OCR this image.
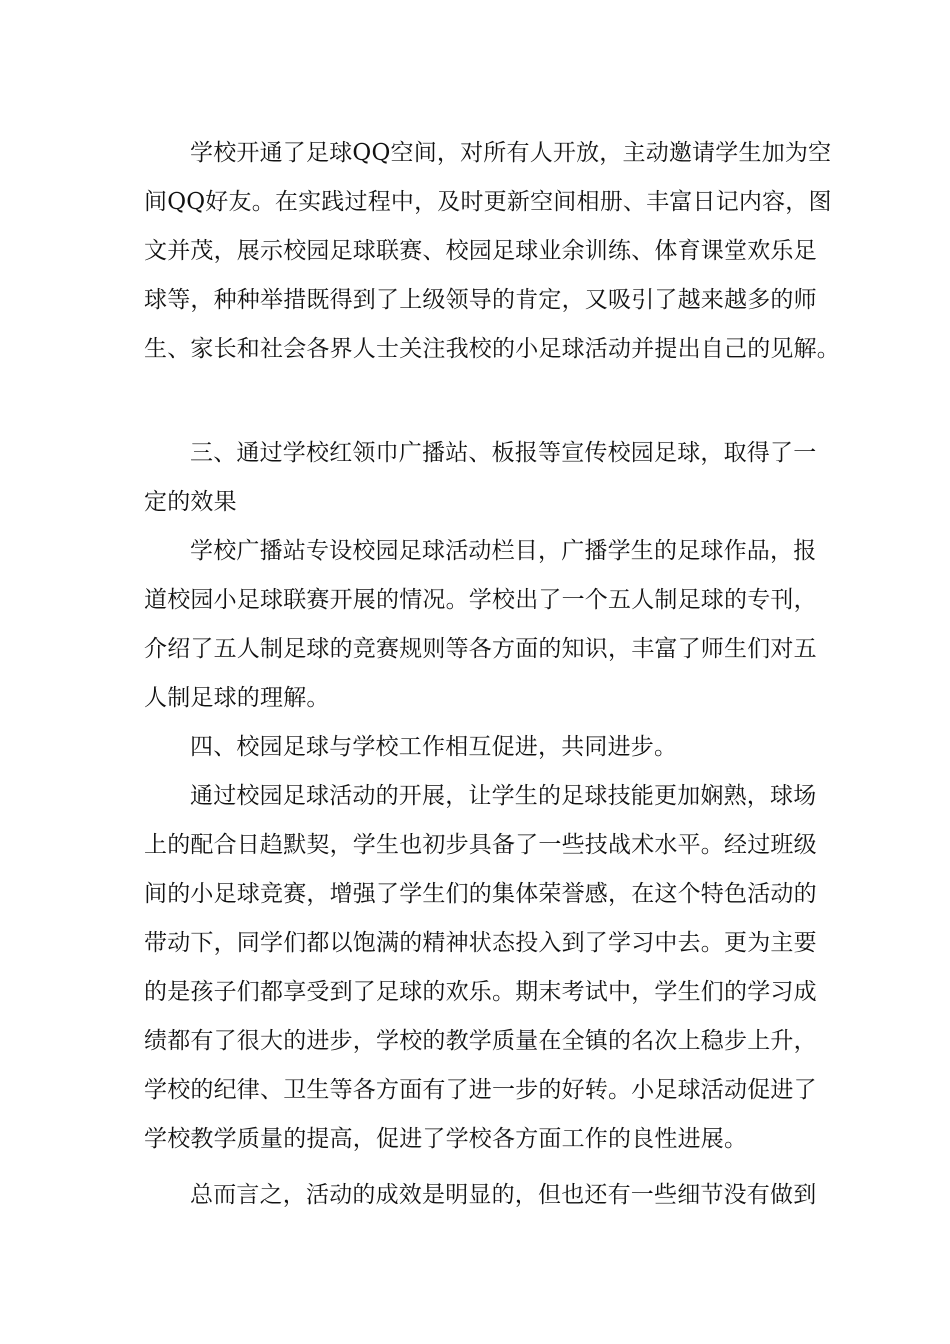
学校开通了足球QQ空间，对所有人开放，主动邀请学生加为空
间QQ好友。在实践过程中，及时更新空间相册、丰富日记内容，图
文并茂，展示校园足球联赛、校园足球业余训练、体育课堂欢乐足
球等，种种举措既得到了上级领导的肯定，又吸引了越来越多的师
生、家长和社会各界人士关注我校的小足球活动并提出自己的见解。
三、通过学校红领巾广播站、板报等宣传校园足球，取得了一
定的效果
学校广播站专设校园足球活动栏目，广播学生的足球作品，报
道校园小足球联赛开展的情况。学校出了一个五人制足球的专刊，
介绍了五人制足球的竞赛规则等各方面的知识，丰富了师生们对五
人制足球的理解。
四、校园足球与学校工作相互促进，共同进步。
通过校园足球活动的开展，让学生的足球技能更加娴熟，球场
上的配合日趋默契，学生也初步具备了一些技战术水平。经过班级
间的小足球竞赛，增强了学生们的集体荣誉感，在这个特色活动的
带动下，同学们都以饱满的精神状态投入到了学习中去。更为主要
的是孩子们都享受到了足球的欢乐。期末考试中，学生们的学习成
绩都有了很大的进步，学校的教学质量在全镇的名次上稳步上升，
学校的纪律、卫生等各方面有了进一步的好转。小足球活动促进了
学校教学质量的提高，促进了学校各方面工作的良性进展。
总而言之，活动的成效是明显的，但也还有一些细节没有做到
